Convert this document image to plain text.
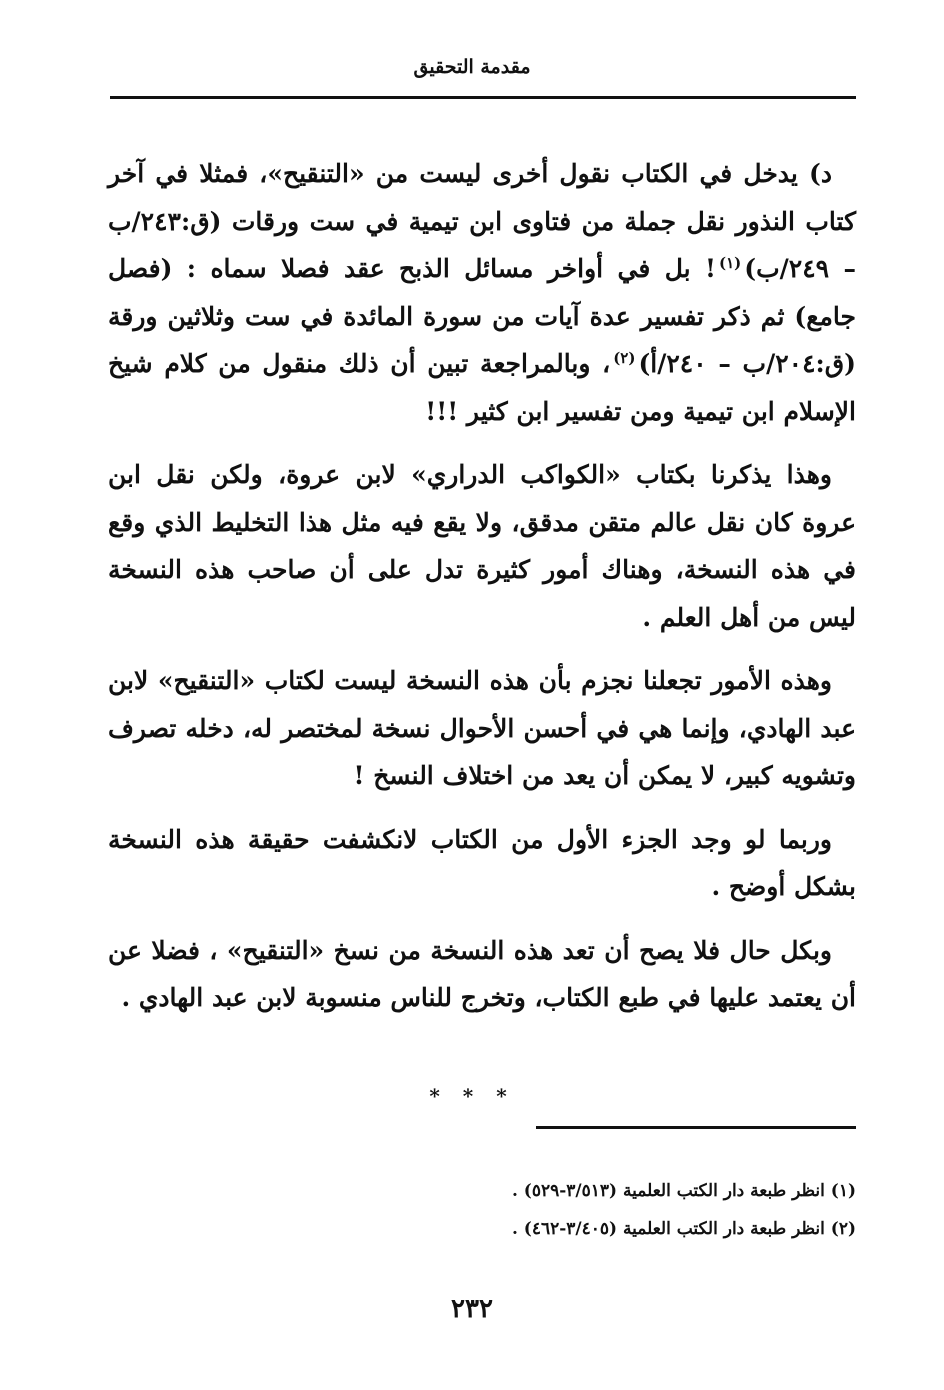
مقدمة التحقيق

د) يدخل في الكتاب نقول أخرى ليست من «التنقيح»، فمثلا في آخر كتاب النذور نقل جملة من فتاوى ابن تيمية في ست ورقات (ق:٢٤٣/ب – ٢٤٩/ب)$^{(١)}$! بل في أواخر مسائل الذبح عقد فصلا سماه : (فصل جامع) ثم ذكر تفسير عدة آيات من سورة المائدة في ست وثلاثين ورقة (ق:٢٠٤/ب – ٢٤٠/أ)$^{(٢)}$، وبالمراجعة تبين أن ذلك منقول من كلام شيخ الإسلام ابن تيمية ومن تفسير ابن كثير !!!

وهذا يذكرنا بكتاب «الكواكب الدراري» لابن عروة، ولكن نقل ابن عروة كان نقل عالم متقن مدقق، ولا يقع فيه مثل هذا التخليط الذي وقع في هذه النسخة، وهناك أمور كثيرة تدل على أن صاحب هذه النسخة ليس من أهل العلم .

وهذه الأمور تجعلنا نجزم بأن هذه النسخة ليست لكتاب «التنقيح» لابن عبد الهادي، وإنما هي في أحسن الأحوال نسخة لمختصر له، دخله تصرف وتشويه كبير، لا يمكن أن يعد من اختلاف النسخ !

وربما لو وجد الجزء الأول من الكتاب لانكشفت حقيقة هذه النسخة بشكل أوضح .

وبكل حال فلا يصح أن تعد هذه النسخة من نسخ «التنقيح» ، فضلا عن أن يعتمد عليها في طبع الكتاب، وتخرج للناس منسوبة لابن عبد الهادي .

* * *

(١) انظر طبعة دار الكتب العلمية (٣/٥١٣-٥٢٩) .

(٢) انظر طبعة دار الكتب العلمية (٣/٤٠٥-٤٦٢) .

٢٣٢
